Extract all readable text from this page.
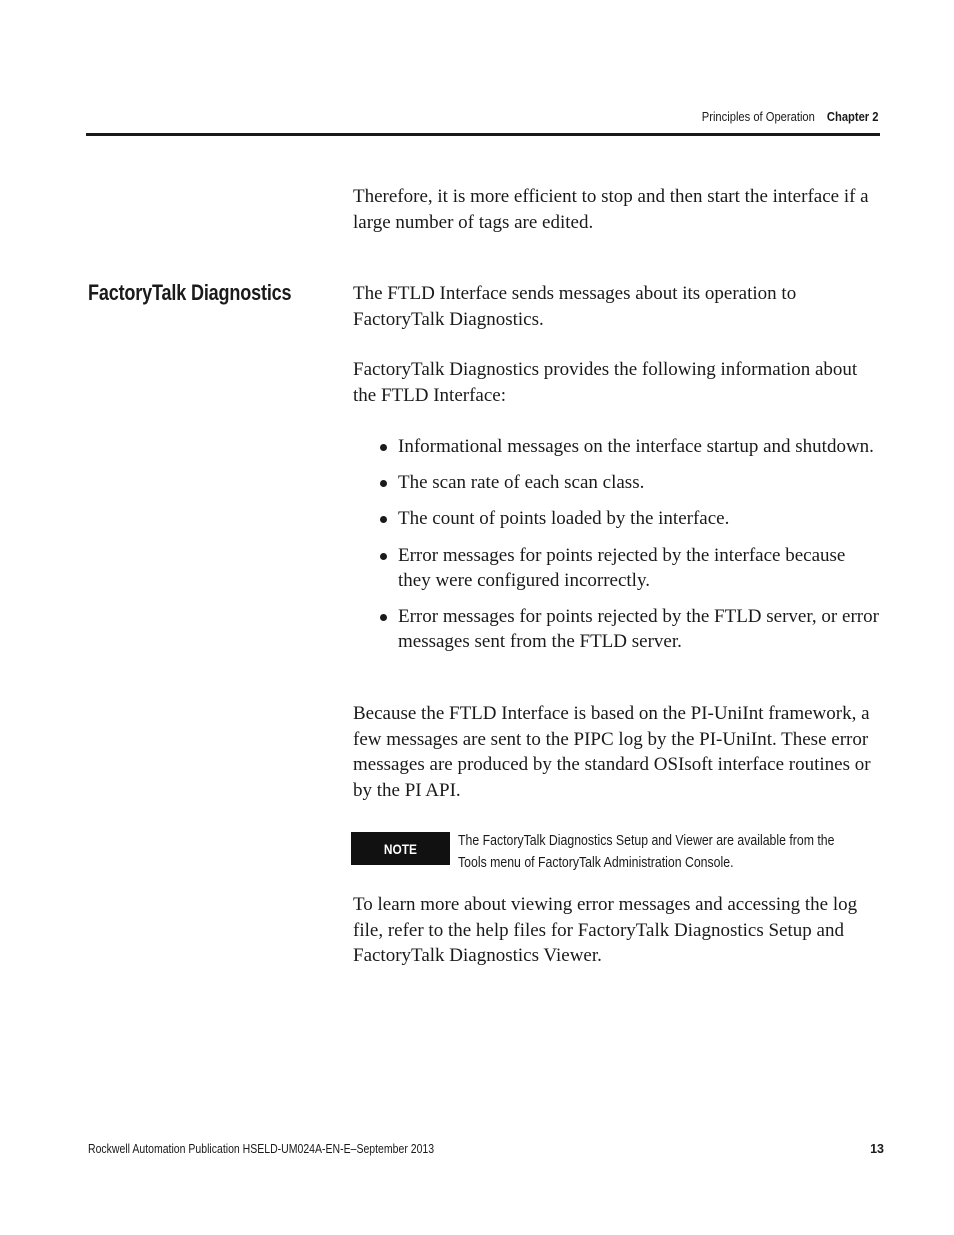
Principles of Operation Chapter 2

Therefore, it is more efficient to stop and then start the interface if a large number of tags are edited.

FactoryTalk Diagnostics	The FTLD Interface sends messages about its operation to FactoryTalk Diagnostics.

FactoryTalk Diagnostics provides the following information about the FTLD Interface:

Informational messages on the interface startup and shutdown.
The scan rate of each scan class.
The count of points loaded by the interface.
Error messages for points rejected by the interface because they were configured incorrectly.
Error messages for points rejected by the FTLD server, or error messages sent from the FTLD server.

Because the FTLD Interface is based on the PI-UniInt framework, a few messages are sent to the PIPC log by the PI-UniInt. These error messages are produced by the standard OSIsoft interface routines or by the PI API.

NOTE	The FactoryTalk Diagnostics Setup and Viewer are available from the Tools menu of FactoryTalk Administration Console.

To learn more about viewing error messages and accessing the log file, refer to the help files for FactoryTalk Diagnostics Setup and FactoryTalk Diagnostics Viewer.

Rockwell Automation Publication HSELD-UM024A-EN-E–September 2013	13
